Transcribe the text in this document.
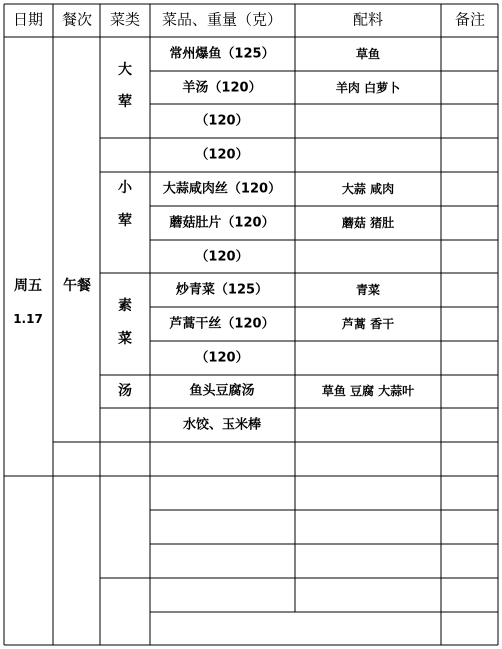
日期 餐次 菜类 菜品、重量（克）	配料	备注
周五
1.17
午餐
大
荤
小
荤
素
菜
汤
常州爆鱼（125）
羊汤（120）
（120）
（120）
大蒜咸肉丝（120）
蘑菇肚片（120）
（120）
炒青菜（125）
芦蒿干丝（120）
（120）
鱼头豆腐汤
水饺、玉米棒
草鱼
羊肉 白萝卜
大蒜 咸肉
蘑菇 猪肚
青菜
芦蒿 香干
草鱼 豆腐 大蒜叶
